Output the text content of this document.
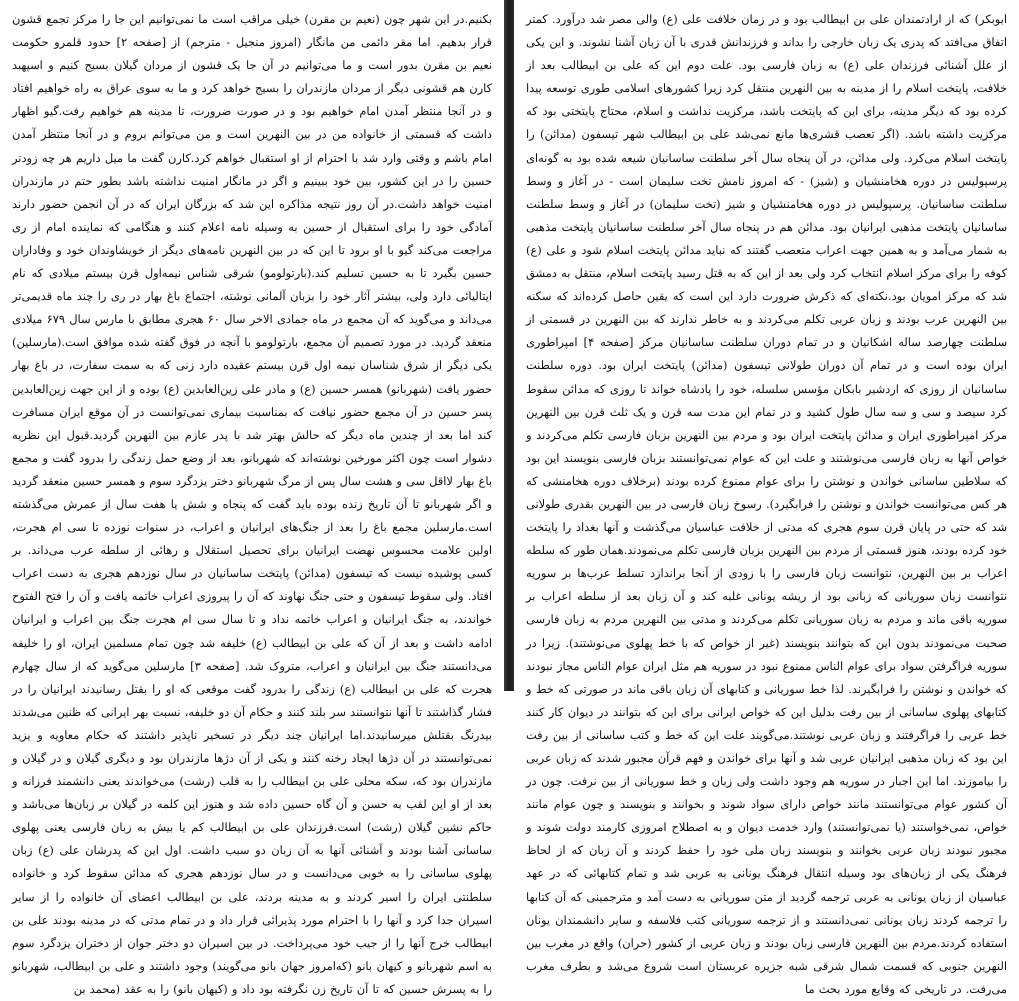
بکنیم.در این شهر چون (نعیم بن مقرن) خیلی مراقب است ما نمی‌توانیم این جا را مرکز تجمع قشون قرار بدهیم. اما مقر دائمی من مانگار (امروز منجیل - مترجم) از [صفحه ۲] حدود قلمرو حکومت نعیم بن مقرن بدور است و ما می‌توانیم در آن جا یک قشون از مردان گیلان بسیج کنیم و اسپهبد کارن هم قشونی دیگر از مردان مازندران را بسیج خواهد کرد و ما به سوی عراق به راه خواهیم افتاد و در آنجا منتظر آمدن امام خواهیم بود و در صورت ضرورت، تا مدینه هم خواهیم رفت.گیو اظهار داشت که قسمتی از خانواده من در بین النهرین است و من می‌توانم بروم و در آنجا منتظر آمدن امام باشم و وقتی وارد شد با احترام از او استقبال خواهم کرد.کارن گفت ما میل داریم هر چه زودتر حسین را در این کشور، بین خود ببینیم و اگر در مانگار امنیت نداشته باشد بطور حتم در مازندران امنیت خواهد داشت.در آن روز نتیجه مذاکره این شد که بزرگان ایران که در آن انجمن حضور دارند آمادگی خود را برای استقبال از حسین به وسیله نامه اعلام کنند و هنگامی که نماینده امام از ری مراجعت می‌کند گیو با او برود تا این که در بین النهرین نامه‌های دیگر از خویشاوندان خود و وفاداران حسین بگیرد تا به حسین تسلیم کند.(بارتولومو) شرقی شناس نیمه‌اول قرن بیستم میلادی که نام ایتالیائی دارد ولی، بیشتر آثار خود را بزبان آلمانی نوشته، اجتماع باغ بهار در ری را چند ماه قدیمی‌تر می‌داند و می‌گوید که آن مجمع در ماه جمادی الاخر سال ۶۰ هجری مطابق با مارس سال ۶۷۹ میلادی منعقد گردید. در مورد تصمیم آن مجمع، بارتولومو با آنچه در فوق گفته شده موافق است.(مارسلین) یکی دیگر از شرق شناسان نیمه اول قرن بیستم عقیده دارد زنی که به سمت سفارت، در باغ بهار حضور یافت (شهربانو) همسر حسین (ع) و مادر علی زین‌العابدین (ع) بوده و از این جهت زین‌العابدین پسر حسین در آن مجمع حضور نیافت که بمناسبت بیماری نمی‌توانست در آن موقع ایران مسافرت کند اما بعد از چندین ماه دیگر که حالش بهتر شد با پدر عازم بین النهرین گردید.قبول این نظریه دشوار است چون اکثر مورخین نوشته‌اند که شهربانو، بعد از وضع حمل زندگی را بدرود گفت و مجمع باغ بهار لااقل سی و هشت سال پس از مرگ شهربانو دختر یزدگرد سوم و همسر حسین منعقد گردید و اگر شهربانو تا آن تاریخ زنده بوده باید گفت که پنجاه و شش یا هفت سال از عمرش می‌گذشته است.مارسلین مجمع باغ را بعد از جنگ‌های ایرانیان و اعراب، در سنوات نوزده تا سی ام هجرت، اولین علامت محسوس نهضت ایرانیان برای تحصیل استقلال و رهائی از سلطه عرب می‌داند. بر کسی پوشیده نیست که تیسفون (مدائن) پایتخت ساسانیان در سال نوزدهم هجری به دست اعراب افتاد. ولی سقوط تیسفون و حتی جنگ نهاوند که آن را پیروزی اعراب خاتمه یافت و آن را فتح الفتوح خواندند، به جنگ ایرانیان و اعراب خاتمه نداد و تا سال سی ام هجرت جنگ بین اعراب و ایرانیان ادامه داشت و بعد از آن که علی بن ابیطالب (ع) خلیفه شد چون تمام مسلمین ایران، او را خلیفه می‌دانستند جنگ بین ایرانیان و اعراب، متروک شد. [صفحه ۳] مارسلین می‌گوید که از سال چهارم هجرت که علی بن ابیطالب (ع) زندگی را بدرود گفت موقعی که او را بقتل رسانیدند ایرانیان را در فشار گذاشتند تا آنها نتوانستند سر بلند کنند و حکام آن دو خلیفه، نسبت بهر ایرانی که ظنین می‌شدند بیدرنگ بقتلش میرسانیدند.اما ایرانیان چند دیگر در تسخیر ناپذیر داشتند که حکام معاویه و یزید نمی‌توانستند در آن دژها ایجاد رخنه کنند و یکی از آن دژها مازندران بود و دیگری گیلان و در گیلان و مازندران بود که، سکه محلی علی بن ابیطالب را به قلب (رشت) می‌خواندند یعنی دانشمند فرزانه و بعد از او این لقب به حسن و آن گاه حسین داده شد و هنوز این کلمه در گیلان بر زبان‌ها می‌باشد و حاکم نشین گیلان (رشت) است.فرزندان علی بن ابیطالب کم یا بیش به زبان فارسی یعنی پهلوی ساسانی آشنا بودند و آشنائی آنها به آن زبان دو سبب داشت. اول این که پدرشان علی (ع) زبان پهلوی ساسانی را به خوبی می‌دانست و در سال نوزدهم هجری که مدائن سقوط کرد و خانواده سلطنتی ایران را اسیر کردند و به مدینه بردند، علی بن ابیطالب اعضای آن خانواده را از سایر اسیران جدا کرد و آنها را با احترام مورد پذیرائی قرار داد و در تمام مدتی که در مدینه بودند علی بن ابیطالب خرج آنها را از جیب خود می‌پرداخت. در بین اسیران دو دختر جوان از دختران یزدگرد سوم به اسم شهربانو و کیهان بانو (که‌امروز جهان بانو می‌گویند) وجود داشتند و علی بن ابیطالب، شهربانو را به پسرش حسین که تا آن تاریخ زن نگرفته بود داد و (کیهان بانو) را به عقد (محمد بن

ابوبکر) که از ارادتمندان علی بن ابیطالب بود و در زمان خلافت علی (ع) والی مصر شد درآورد. کمتر اتفاق می‌افتد که پدری یک زبان خارجی را بداند و فرزندانش قدری با آن زبان آشنا نشوند. و این یکی از علل آشنائی فرزندان علی (ع) به زبان فارسی بود. علت دوم این که علی بن ابیطالب بعد از خلافت، پایتخت اسلام را از مدینه به بین النهرین منتقل کرد زیرا کشورهای اسلامی طوری توسعه پیدا کرده بود که دیگر مدینه، برای این که پایتخت باشد، مرکزیت نداشت و اسلام، محتاج پایتختی بود که مرکزیت داشته باشد. (اگر تعصب قشری‌ها مانع نمی‌شد علی بن ابیطالب شهر تیسفون (مدائن) را پایتخت اسلام می‌کرد. ولی مدائن، در آن پنجاه سال آخر سلطنت ساسانیان شیعه شده بود به گونه‌ای پرسپولیس در دوره هخامنشیان و (شیز) - که امروز نامش تخت سلیمان است - در آغاز و وسط سلطنت ساسانیان. پرسپولیس در دوره هخامنشیان و شیز (تخت سلیمان) در آغاز و وسط سلطنت ساسانیان پایتخت مذهبی ایرانیان بود. مدائن هم در پنجاه سال آخر سلطنت ساسانیان پایتخت مذهبی به شمار می‌آمد و به همین جهت اعراب متعصب گفتند که نباید مدائن پایتخت اسلام شود و علی (ع) کوفه را برای مرکز اسلام انتخاب کرد ولی بعد از این که به قتل رسید پایتخت اسلام، منتقل به دمشق شد که مرکز امویان بود.نکته‌ای که ذکرش ضرورت دارد این است که یقین حاصل کرده‌اند که سکنه بین النهرین عرب بودند و زبان عربی تکلم می‌کردند و به خاطر ندارند که بین النهرین در قسمتی از سلطنت چهارصد ساله اشکانیان و در تمام دوران سلطنت ساسانیان مرکز [صفحه ۴] امپراطوری ایران بوده است و در تمام آن دوران طولانی تیسفون (مدائن) پایتخت ایران بود. دوره سلطنت ساسانیان از روزی که اردشیر بابکان مؤسس سلسله، خود را پادشاه خواند تا روزی که مدائن سقوط کرد سیصد و سی و سه سال طول کشید و در تمام این مدت سه قرن و یک ثلث قرن بین النهرین مرکز امپراطوری ایران و مدائن پایتخت ایران بود و مردم بین النهرین بزبان فارسی تکلم می‌کردند و خواص آنها به زبان فارسی می‌نوشتند و علت این که عوام نمی‌توانستند بزبان فارسی بنویسند این بود که سلاطین ساسانی خواندن و نوشتن را برای عوام ممنوع کرده بودند (برخلاف دوره هخامنشی که هر کس می‌توانست خواندن و نوشتن را فرابگیرد). رسوخ زبان فارسی در بین النهرین بقدری طولانی شد که حتی در پایان قرن سوم هجری که مدتی از خلافت عباسیان می‌گذشت و آنها بغداد را پایتخت خود کرده بودند، هنوز قسمتی از مردم بین النهرین بزبان فارسی تکلم می‌نمودند.همان طور که سلطه اعراب بر بین النهرین، نتوانست زبان فارسی را با زودی از آنجا براندازد تسلط عرب‌ها بر سوریه نتوانست زبان سوریانی که زبانی بود از ریشه یونانی غلبه کند و آن زبان بعد از سلطه اعراب بر سوریه باقی ماند و مردم به زبان سوریانی تکلم می‌کردند و مدتی بین النهرین مردم به زبان فارسی صحبت می‌نمودند بدون این که بتوانند بنویسند (غیر از خواص که با خط پهلوی می‌نوشتند). زیرا در سوریه فراگرفتن سواد برای عوام الناس ممنوع نبود در سوریه هم مثل ایران عوام الناس مجاز نبودند که خواندن و نوشتن را فرابگیرند. لذا خط سوریانی و کتابهای آن زبان باقی ماند در صورتی که خط و کتابهای پهلوی ساسانی از بین رفت بدلیل این که خواص ایرانی برای این که بتوانند در دیوان کار کنند خط عربی را فراگرفتند و زبان عربی نوشتند.می‌گویند علت این که خط و کتب ساسانی از بین رفت این بود که زبان مذهبی ایرانیان عربی شد و آنها برای خواندن و فهم قرآن مجبور شدند که زبان عربی را بیاموزند. اما این اجبار در سوریه هم وجود داشت ولی زبان و خط سوریانی از بین نرفت. چون در آن کشور عوام می‌توانستند مانند خواص دارای سواد شوند و بخوانند و بنویسند و چون عوام مانند خواص، نمی‌خواستند (یا نمی‌توانستند) وارد خدمت دیوان و به اصطلاح امروزی کارمند دولت شوند و مجبور نبودند زبان عربی بخوانند و بنویسند زبان ملی خود را حفظ کردند و آن زبان که از لحاظ فرهنگ یکی از زبان‌های بود وسیله انتقال فرهنگ یونانی به عربی شد و تمام کتابهائی که در عهد عباسیان از زبان یونانی به عربی ترجمه گردید از متن سوریانی به دست آمد و مترجمینی که آن کتابها را ترجمه کردند زبان یونانی نمی‌دانستند و از ترجمه سوریانی کتب فلاسفه و سایر دانشمندان یونان استفاده کردند.مردم بین النهرین فارسی زبان بودند و زبان عربی از کشور (حران) واقع در مغرب بین النهرین جنوبی که قسمت شمال شرقی شبه جزیره عربستان است شروع می‌شد و بطرف مغرب می‌رفت. در تاریخی که وقایع مورد بحث ما
